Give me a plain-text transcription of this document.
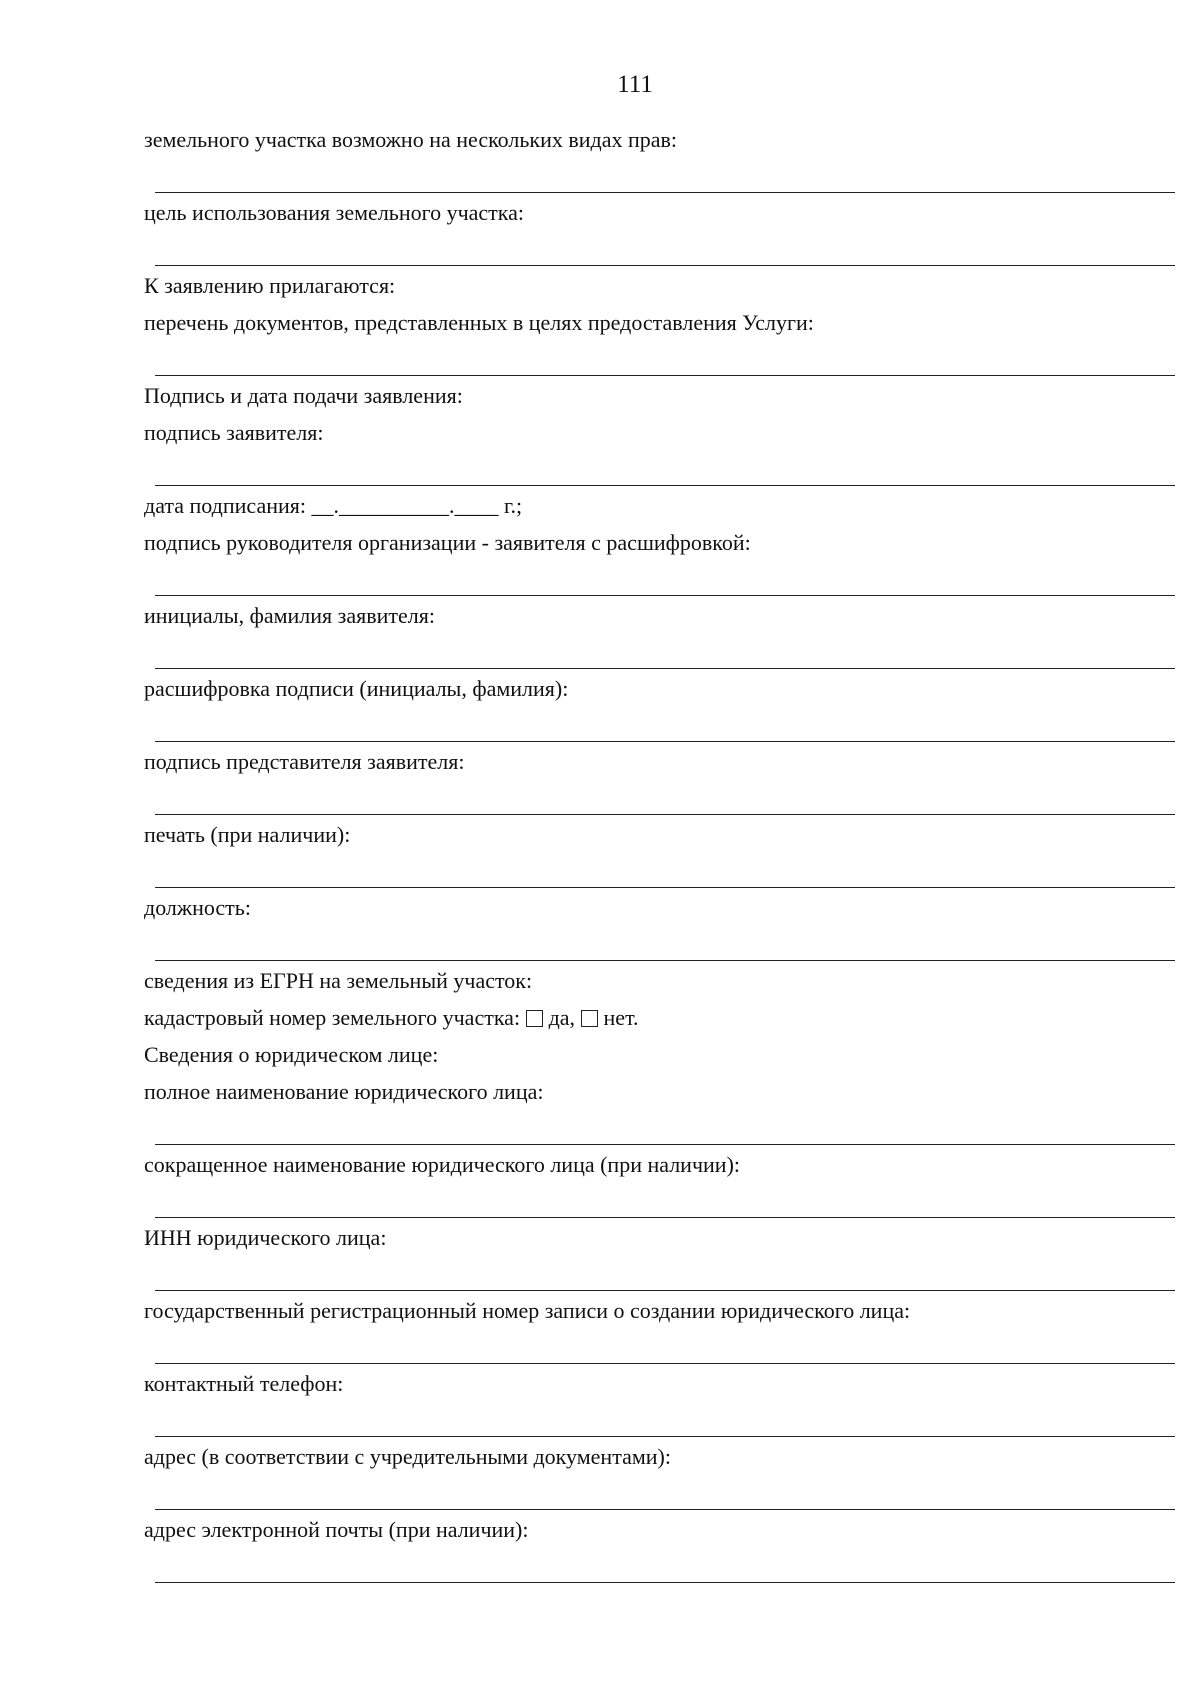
111
земельного участка возможно на нескольких видах прав:
цель использования земельного участка:
К заявлению прилагаются:
перечень документов, представленных в целях предоставления Услуги:
Подпись и дата подачи заявления:
подпись заявителя:
дата подписания: __.__________.____ г.;
подпись руководителя организации - заявителя с расшифровкой:
инициалы, фамилия заявителя:
расшифровка подписи (инициалы, фамилия):
подпись представителя заявителя:
печать (при наличии):
должность:
сведения из ЕГРН на земельный участок:
кадастровый номер земельного участка: да, нет.
Сведения о юридическом лице:
полное наименование юридического лица:
сокращенное наименование юридического лица (при наличии):
ИНН юридического лица:
государственный регистрационный номер записи о создании юридического лица:
контактный телефон:
адрес (в соответствии с учредительными документами):
адрес электронной почты (при наличии):
